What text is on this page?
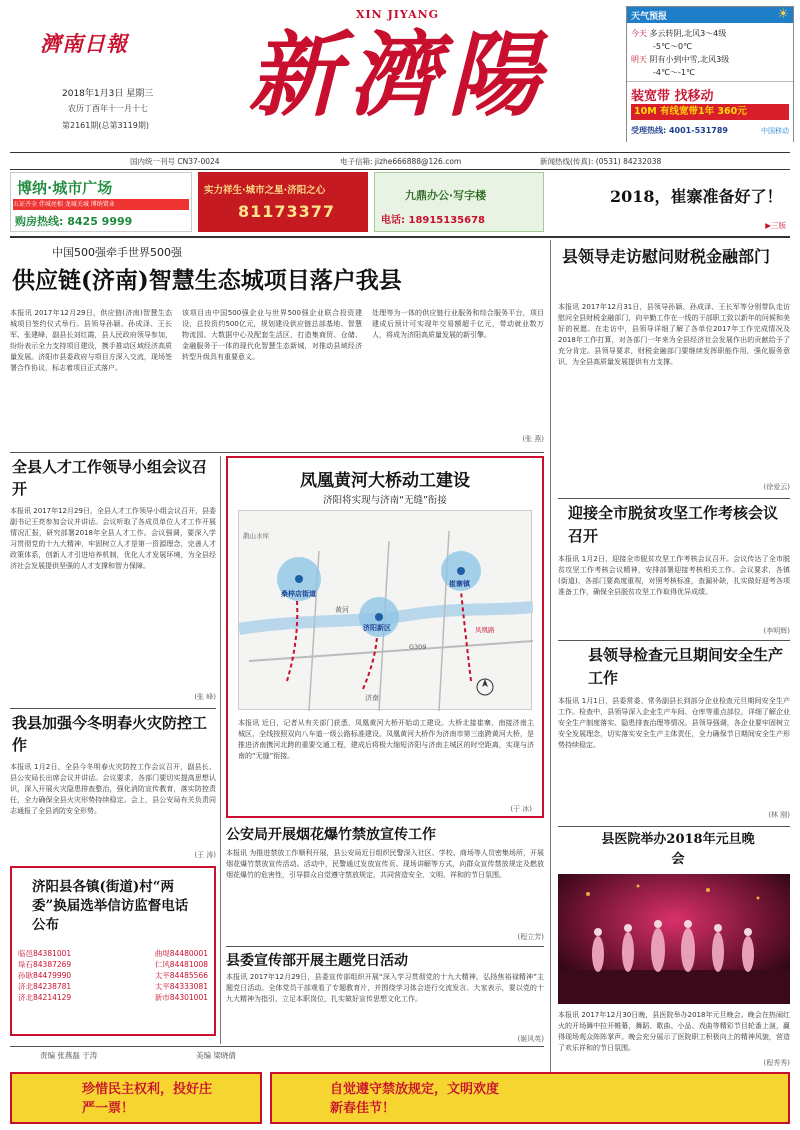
濟南日報
2018年1月3日 星期三
农历丁酉年十一月十七
第2161期(总第3119期)
XIN JIYANG
新濟陽
天气预报	☀
今天 多云转阴,北风3～4级
-5℃～0℃
明天 阴有小到中雪,北风3级
-4℃～-1℃
装宽带 找移动
10M 有线宽带1年 360元
受理热线: 4001-531789	中国移动
国内统一刊号 CN37-0024	电子信箱: jizhe666888@126.com	新闻热线(传真): (0531) 84232038
博纳·城市广场
五证齐全 伴城亮相 龙城关城 博纳置业
购房热线: 8425 9999
实力祥生·城市之星·济阳之心
81173377
九鼎办公·写字楼
电话: 18915135678
2018，崔寨准备好了！
▶三版
中国500强牵手世界500强
供应链(济南)智慧生态城项目落户我县
本报讯 2017年12月29日，供应链(济南)智慧生态城项目签约仪式举行。县领导孙颖、孙成泽、王长军、张建峰，副县长刘红霞，县人民政府领导参加，纷纷表示全力支持项目建设，携手推动区域经济高质量发展。济阳市县委政府与项目方深入交流，现场签署合作协议，标志着项目正式落户。
该项目由中国500强企业与世界500强企业联合投资建设，总投资约500亿元，规划建设供应链总部基地、智慧物流园、大数据中心及配套生活区，打造集商贸、仓储、金融服务于一体的现代化智慧生态新城，对推动县域经济转型升级具有重要意义。
处理等为一体的供应链行业服务和综合服务平台，项目建成后预计可实现年交易额超千亿元，带动就业数万人，将成为济阳高质量发展的新引擎。
(张 燕)
全县人才工作领导小组会议召开
本报讯 2017年12月29日，全县人才工作领导小组会议召开，县委副书记王亮参加会议并讲话。会议听取了各成员单位人才工作开展情况汇报，研究部署2018年全县人才工作。会议强调，要深入学习贯彻党的十九大精神，牢固树立人才是第一资源理念，完善人才政策体系，创新人才引进培养机制，优化人才发展环境，为全县经济社会发展提供坚强的人才支撑和智力保障。
(张 峰)
我县加强今冬明春火灾防控工作
本报讯 1月2日，全县今冬明春火灾防控工作会议召开，副县长、县公安局长出席会议并讲话。会议要求，各部门要切实提高思想认识，深入开展火灾隐患排查整治，强化消防宣传教育，落实防控责任，全力确保全县火灾形势持续稳定。会上，县公安局有关负责同志通报了全县消防安全形势。
(王 涛)
济阳县各镇(街道)村“两委”换届选举信访监督电话公布
临邑84381001	曲堤84480001
垛石84387269	仁风84481008
孙耿84479990	太平84485566
济北84238781	太平84333081
济北84214129	新市84301001
凤凰黄河大桥动工建设
济阳将实现与济南“无缝”衔接
桑梓店街道
鹊山水库
济阳新区
崔寨镇
G309
黄河
济南
凤凰路
本报讯 近日，记者从有关部门获悉，凤凰黄河大桥开始动工建设。大桥北接崔寨，南接济南主城区，全线按照双向八车道一级公路标准建设。凤凰黄河大桥作为济南市第三座跨黄河大桥，是推进济南携河北跨的重要交通工程，建成后将极大缩短济阳与济南主城区的时空距离，实现与济南的“无缝”衔接。
(于 冰)
公安局开展烟花爆竹禁放宣传工作
本报讯 为推进禁放工作顺利开展，县公安局近日组织民警深入社区、学校、商场等人员密集场所，开展烟花爆竹禁放宣传活动。活动中，民警通过发放宣传页、现场讲解等方式，向群众宣传禁放规定及燃放烟花爆竹的危害性，引导群众自觉遵守禁放规定，共同营造安全、文明、祥和的节日氛围。
(程立芳)
县委宣传部开展主题党日活动
本报讯 2017年12月29日，县委宣传部组织开展“深入学习贯彻党的十九大精神，弘扬焦裕禄精神”主题党日活动。全体党员干部观看了专题教育片，并围绕学习体会进行交流发言。大家表示，要以党的十九大精神为指引，立足本职岗位，扎实做好宣传思想文化工作。
(姬风英)
责编 张燕磊 于涛	美编 梁晓倩
县领导走访慰问财税金融部门
本报讯 2017年12月31日，县领导孙颖、孙成泽、王长军等分别带队走访慰问全县财税金融部门，向辛勤工作在一线的干部职工致以新年的问候和美好的祝愿。在走访中，县领导详细了解了各单位2017年工作完成情况及2018年工作打算，对各部门一年来为全县经济社会发展作出的贡献给予了充分肯定。县领导要求，财税金融部门要继续发挥职能作用，强化服务意识，为全县高质量发展提供有力支撑。
(徐爱云)
迎接全市脱贫攻坚工作考核会议召开
本报讯 1月2日，迎接全市脱贫攻坚工作考核会议召开。会议传达了全市脱贫攻坚工作考核会议精神，安排部署迎接考核相关工作。会议要求，各镇(街道)、各部门要高度重视，对照考核标准，查漏补缺，扎实做好迎考各项准备工作，确保全县脱贫攻坚工作取得优异成绩。
(李明辉)
县领导检查元旦期间安全生产工作
本报讯 1月1日，县委常委、常务副县长到部分企业检查元旦期间安全生产工作。检查中，县领导深入企业生产车间、仓库等重点部位，详细了解企业安全生产制度落实、隐患排查治理等情况。县领导强调，各企业要牢固树立安全发展理念，切实落实安全生产主体责任，全力确保节日期间安全生产形势持续稳定。
(林 刚)
县医院举办2018年元旦晚会
本报讯 2017年12月30日晚，县医院举办2018年元旦晚会。晚会在热闹红火的开场舞中拉开帷幕，舞蹈、歌曲、小品、戏曲等精彩节目轮番上演，赢得现场观众阵阵掌声。晚会充分展示了医院职工积极向上的精神风貌，营造了欢乐祥和的节日氛围。
(程秀秀)
珍惜民主权利，投好庄严一票！
自觉遵守禁放规定，文明欢度新春佳节！
